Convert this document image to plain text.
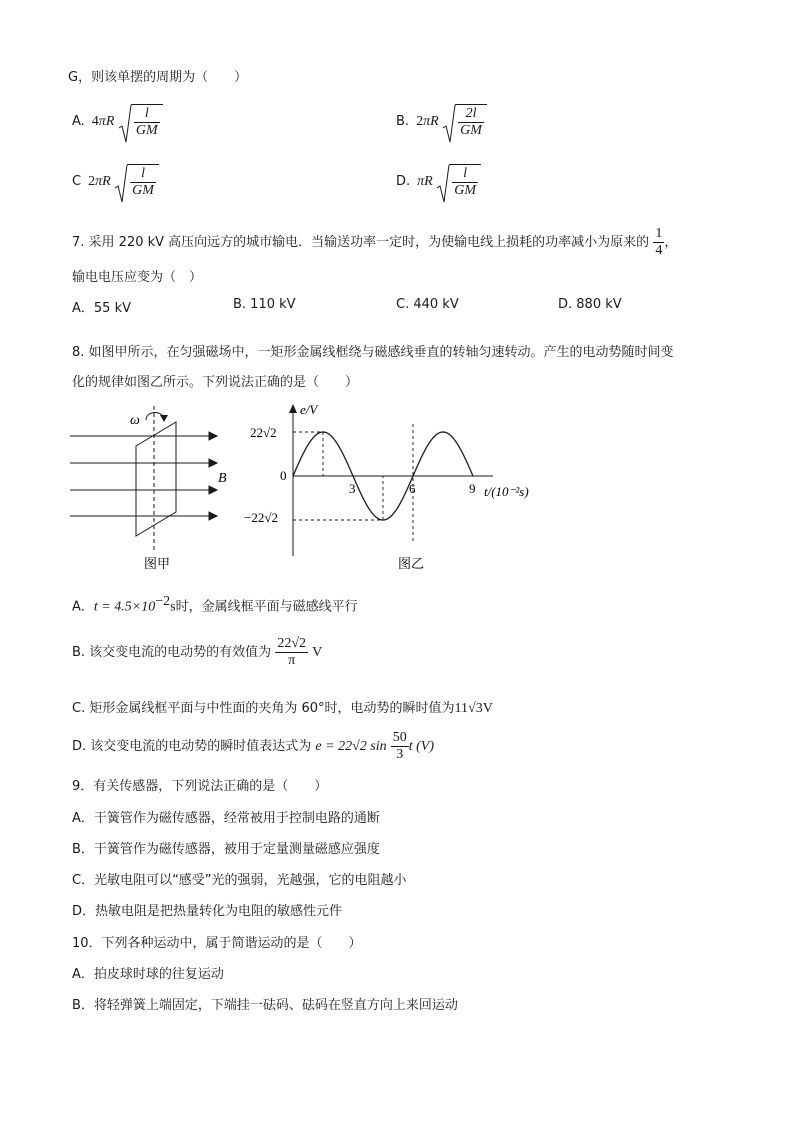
G，则该单摆的周期为（　　）
A. $4\pi R \frac{l}{GM}$	B. $2\pi R \frac{2l}{GM}$
C $2\pi R \frac{l}{GM}$	D. πR $\frac{l}{GM}$
7. 采用 220 kV 高压向远方的城市输电．当输送功率一定时，为使输电线上损耗的功率减小为原来的 $\frac{1}{4}$ ，
输电电压应变为（　）
A．55 kV	B. 110 kV	C. 440 kV	D. 880 kV
8. 如图甲所示，在匀强磁场中，一矩形金属线框绕与磁感线垂直的转轴匀速转动。产生的电动势随时间变
化的规律如图乙所示。下列说法正确的是（　　）
ω
B
图甲
e/V
t/(10⁻²s)
0
22√2
−22√2
3	6	9
图乙
A．$t = 4.5\times 10^{-2}s$时，金属线框平面与磁感线平行
B. 该交变电流的电动势的有效值为 $\frac{22√2}{\pi}$ V
C. 矩形金属线框平面与中性面的夹角为 60°时，电动势的瞬时值为11√3V
D. 该交变电流的电动势的瞬时值表达式为 e = 22√2 $\sin \frac{50}{3}$ t (V)
9．有关传感器，下列说法正确的是（　　）
A．干簧管作为磁传感器，经常被用于控制电路的通断
B．干簧管作为磁传感器，被用于定量测量磁感应强度
C．光敏电阻可以“感受”光的强弱，光越强，它的电阻越小
D．热敏电阻是把热量转化为电阻的敏感性元件
10．下列各种运动中，属于简谐运动的是（　　）
A．拍皮球时球的往复运动
B．将轻弹簧上端固定，下端挂一砝码、砝码在竖直方向上来回运动
